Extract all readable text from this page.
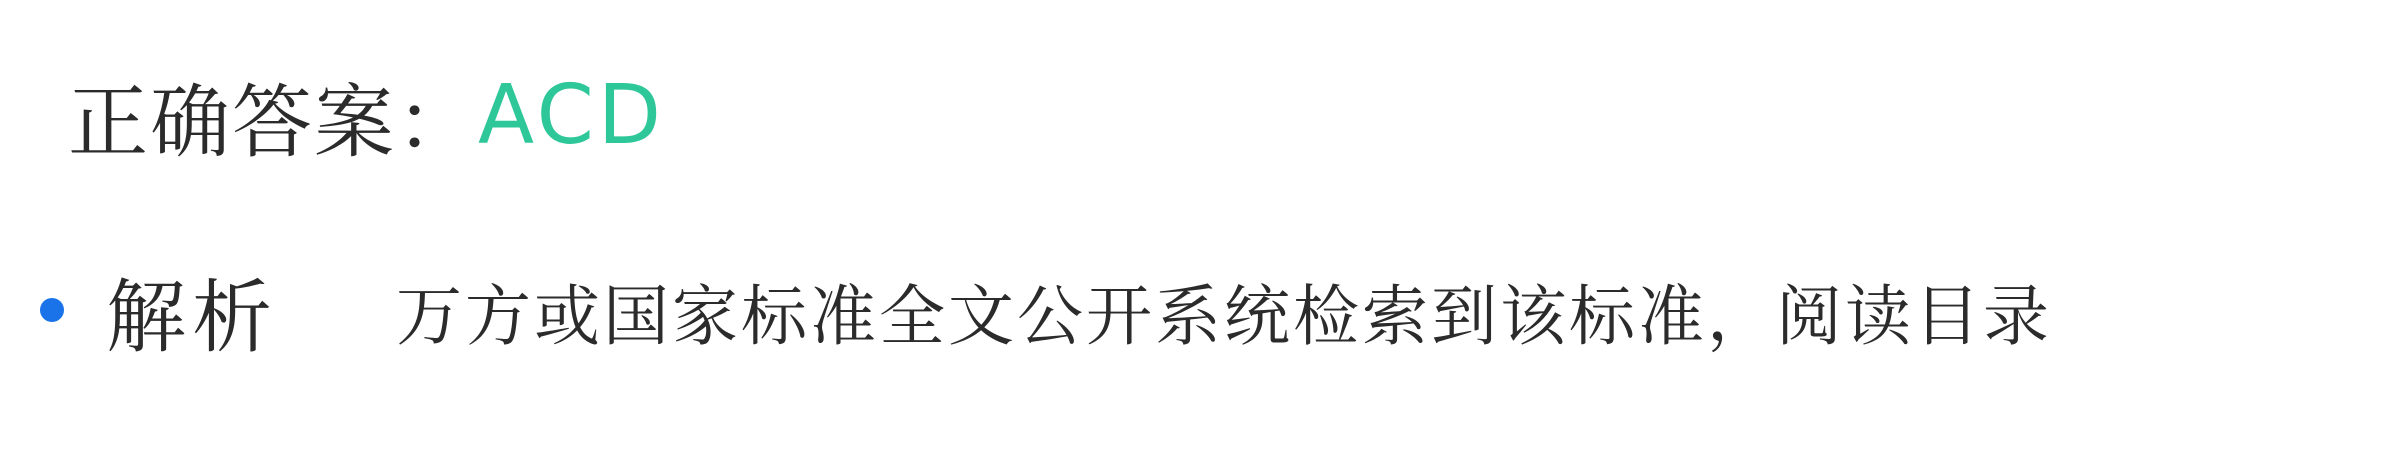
正确答案： ACD
解析	万方或国家标准全文公开系统检索到该标准，阅读目录
